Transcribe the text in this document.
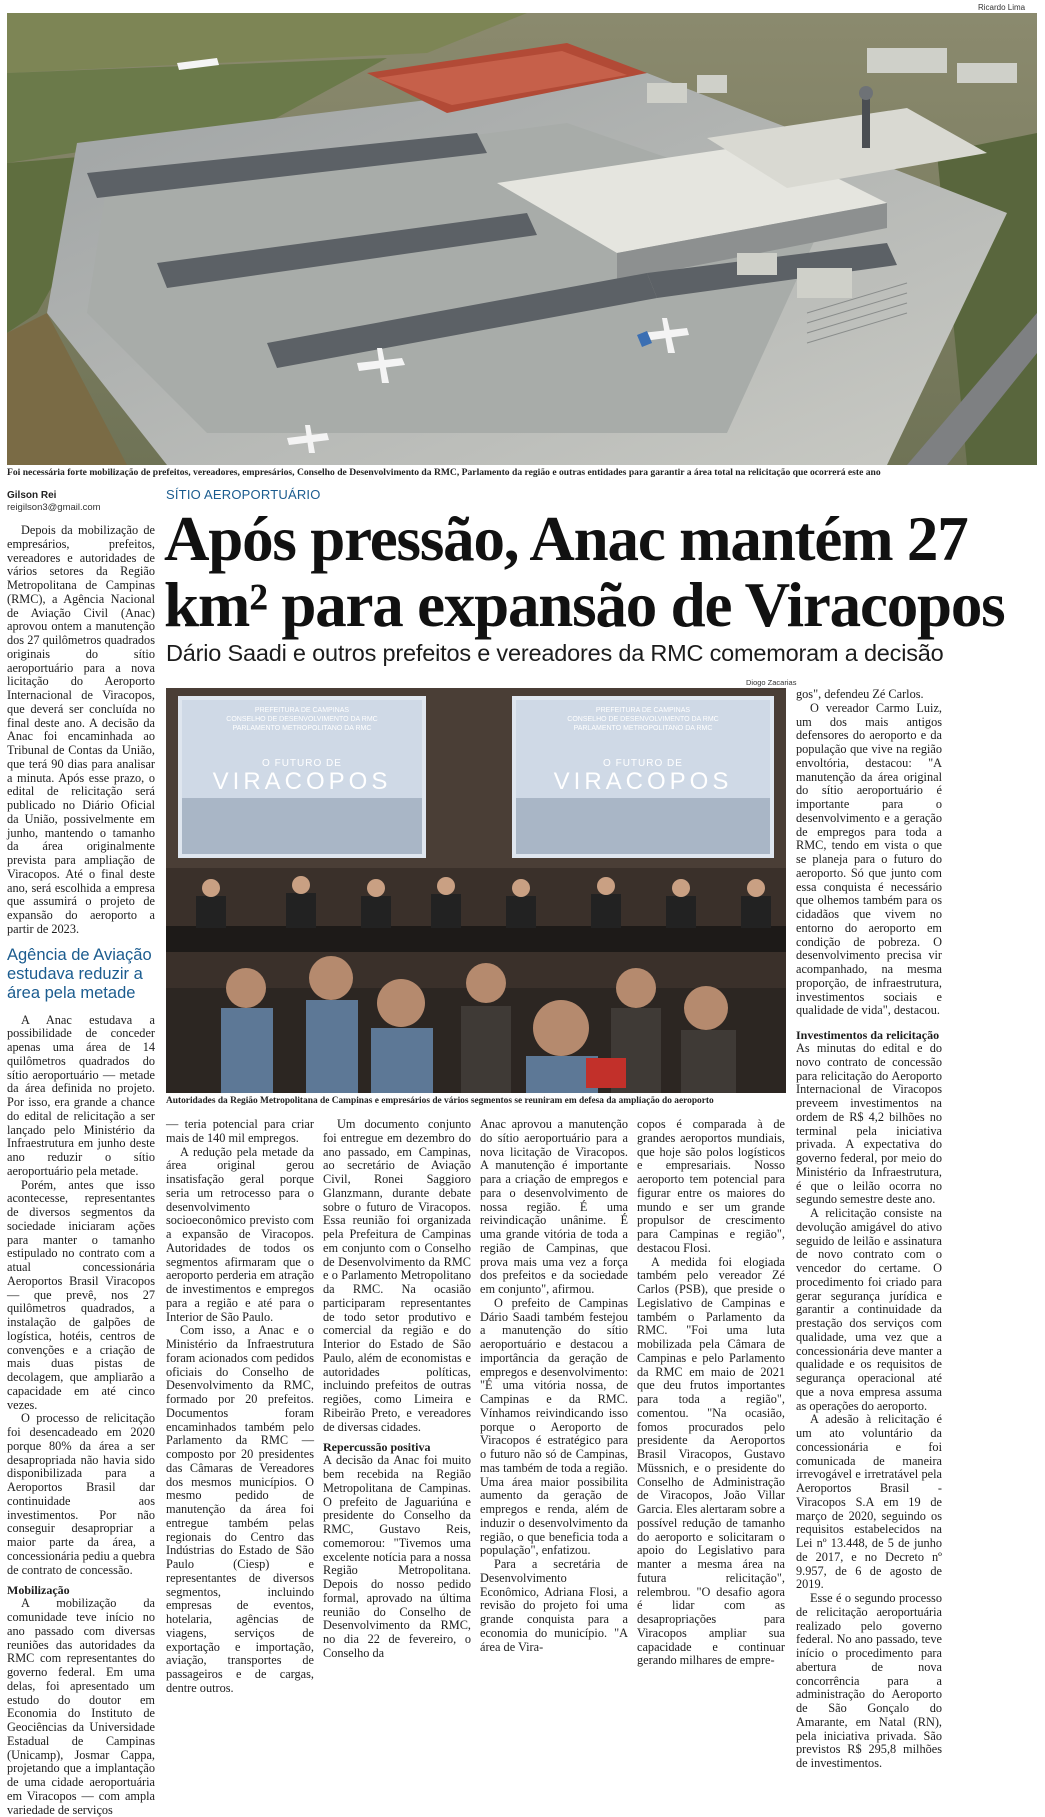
Ricardo Lima
Foi necessária forte mobilização de prefeitos, vereadores, empresários, Conselho de Desenvolvimento da RMC, Parlamento da região e outras entidades para garantir a área total na relicitação que ocorrerá este ano
Gilson Rei
reigilson3@gmail.com
SÍTIO AEROPORTUÁRIO
Após pressão, Anac mantém 27
km² para expansão de Viracopos
Dário Saadi e outros prefeitos e vereadores da RMC comemoram a decisão

Depois da mobilização de empresários, prefeitos, vereadores e autoridades de vários setores da Região Metropolitana de Campinas (RMC), a Agência Nacional de Aviação Civil (Anac) aprovou ontem a manutenção dos 27 quilômetros quadrados originais do sítio aeroportuário para a nova licitação do Aeroporto Internacional de Viracopos, que deverá ser concluída no final deste ano. A decisão da Anac foi encaminhada ao Tribunal de Contas da União, que terá 90 dias para analisar a minuta. Após esse prazo, o edital de relicitação será publicado no Diário Oficial da União, possivelmente em junho, mantendo o tamanho da área originalmente prevista para ampliação de Viracopos. Até o final deste ano, será escolhida a empresa que assumirá o projeto de expansão do aeroporto a partir de 2023.

Agência de Aviação estudava reduzir a área pela metade

A Anac estudava a possibilidade de conceder apenas uma área de 14 quilômetros quadrados do sítio aeroportuário — metade da área definida no projeto. Por isso, era grande a chance do edital de relicitação a ser lançado pelo Ministério da Infraestrutura em junho deste ano reduzir o sítio aeroportuário pela metade.

Porém, antes que isso acontecesse, representantes de diversos segmentos da sociedade iniciaram ações para manter o tamanho estipulado no contrato com a atual concessionária Aeroportos Brasil Viracopos — que prevê, nos 27 quilômetros quadrados, a instalação de galpões de logística, hotéis, centros de convenções e a criação de mais duas pistas de decolagem, que ampliarão a capacidade em até cinco vezes.

O processo de relicitação foi desencadeado em 2020 porque 80% da área a ser desapropriada não havia sido disponibilizada para a Aeroportos Brasil dar continuidade aos investimentos. Por não conseguir desapropriar a maior parte da área, a concessionária pediu a quebra de contrato de concessão.

Mobilização

A mobilização da comunidade teve início no ano passado com diversas reuniões das autoridades da RMC com representantes do governo federal. Em uma delas, foi apresentado um estudo do doutor em Economia do Instituto de Geociências da Universidade Estadual de Campinas (Unicamp), Josmar Cappa, projetando que a implantação de uma cidade aeroportuária em Viracopos — com ampla variedade de serviços

Diogo Zacarias
PREFEITURA DE CAMPINAS
CONSELHO DE DESENVOLVIMENTO DA RMC
PARLAMENTO METROPOLITANO DA RMC
O FUTURO DE
VIRACOPOS
PREFEITURA DE CAMPINAS
CONSELHO DE DESENVOLVIMENTO DA RMC
PARLAMENTO METROPOLITANO DA RMC
O FUTURO DE
VIRACOPOS
Autoridades da Região Metropolitana de Campinas e empresários de vários segmentos se reuniram em defesa da ampliação do aeroporto

gos", defendeu Zé Carlos.

O vereador Carmo Luiz, um dos mais antigos defensores do aeroporto e da população que vive na região envoltória, destacou: "A manutenção da área original do sítio aeroportuário é importante para o desenvolvimento e a geração de empregos para toda a RMC, tendo em vista o que se planeja para o futuro do aeroporto. Só que junto com essa conquista é necessário que olhemos também para os cidadãos que vivem no entorno do aeroporto em condição de pobreza. O desenvolvimento precisa vir acompanhado, na mesma proporção, de infraestrutura, investimentos sociais e qualidade de vida", destacou.

Investimentos da relicitação

As minutas do edital e do novo contrato de concessão para relicitação do Aeroporto Internacional de Viracopos preveem investimentos na ordem de R$ 4,2 bilhões no terminal pela iniciativa privada. A expectativa do governo federal, por meio do Ministério da Infraestrutura, é que o leilão ocorra no segundo semestre deste ano.

A relicitação consiste na devolução amigável do ativo seguido de leilão e assinatura de novo contrato com o vencedor do certame. O procedimento foi criado para gerar segurança jurídica e garantir a continuidade da prestação dos serviços com qualidade, uma vez que a concessionária deve manter a qualidade e os requisitos de segurança operacional até que a nova empresa assuma as operações do aeroporto.

A adesão à relicitação é um ato voluntário da concessionária e foi comunicada de maneira irrevogável e irretratável pela Aeroportos Brasil - Viracopos S.A em 19 de março de 2020, seguindo os requisitos estabelecidos na Lei nº 13.448, de 5 de junho de 2017, e no Decreto nº 9.957, de 6 de agosto de 2019.

Esse é o segundo processo de relicitação aeroportuária realizado pelo governo federal. No ano passado, teve início o procedimento para abertura de nova concorrência para a administração do Aeroporto de São Gonçalo do Amarante, em Natal (RN), pela iniciativa privada. São previstos R$ 295,8 milhões de investimentos.

— teria potencial para criar mais de 140 mil empregos.

A redução pela metade da área original gerou insatisfação geral porque seria um retrocesso para o desenvolvimento socioeconômico previsto com a expansão de Viracopos. Autoridades de todos os segmentos afirmaram que o aeroporto perderia em atração de investimentos e empregos para a região e até para o Interior de São Paulo.

Com isso, a Anac e o Ministério da Infraestrutura foram acionados com pedidos oficiais do Conselho de Desenvolvimento da RMC, formado por 20 prefeitos. Documentos foram encaminhados também pelo Parlamento da RMC — composto por 20 presidentes das Câmaras de Vereadores dos mesmos municípios. O mesmo pedido de manutenção da área foi entregue também pelas regionais do Centro das Indústrias do Estado de São Paulo (Ciesp) e representantes de diversos segmentos, incluindo empresas de eventos, hotelaria, agências de viagens, serviços de exportação e importação, aviação, transportes de passageiros e de cargas, dentre outros.

Um documento conjunto foi entregue em dezembro do ano passado, em Campinas, ao secretário de Aviação Civil, Ronei Saggioro Glanzmann, durante debate sobre o futuro de Viracopos. Essa reunião foi organizada pela Prefeitura de Campinas em conjunto com o Conselho de Desenvolvimento da RMC e o Parlamento Metropolitano da RMC. Na ocasião participaram representantes de todo setor produtivo e comercial da região e do Interior do Estado de São Paulo, além de economistas e autoridades políticas, incluindo prefeitos de outras regiões, como Limeira e Ribeirão Preto, e vereadores de diversas cidades.

Repercussão positiva

A decisão da Anac foi muito bem recebida na Região Metropolitana de Campinas. O prefeito de Jaguariúna e presidente do Conselho da RMC, Gustavo Reis, comemorou: "Tivemos uma excelente notícia para a nossa Região Metropolitana. Depois do nosso pedido formal, aprovado na última reunião do Conselho de Desenvolvimento da RMC, no dia 22 de fevereiro, o Conselho da

Anac aprovou a manutenção do sítio aeroportuário para a nova licitação de Viracopos. A manutenção é importante para a criação de empregos e para o desenvolvimento de nossa região. É uma reivindicação unânime. É uma grande vitória de toda a região de Campinas, que prova mais uma vez a força dos prefeitos e da sociedade em conjunto", afirmou.

O prefeito de Campinas Dário Saadi também festejou a manutenção do sítio aeroportuário e destacou a importância da geração de empregos e desenvolvimento: "É uma vitória nossa, de Campinas e da RMC. Vínhamos reivindicando isso porque o Aeroporto de Viracopos é estratégico para o futuro não só de Campinas, mas também de toda a região. Uma área maior possibilita aumento da geração de empregos e renda, além de induzir o desenvolvimento da região, o que beneficia toda a população", enfatizou.

Para a secretária de Desenvolvimento Econômico, Adriana Flosi, a revisão do projeto foi uma grande conquista para a economia do município. "A área de Vira-

copos é comparada à de grandes aeroportos mundiais, que hoje são polos logísticos e empresariais. Nosso aeroporto tem potencial para figurar entre os maiores do mundo e ser um grande propulsor de crescimento para Campinas e região", destacou Flosi.

A medida foi elogiada também pelo vereador Zé Carlos (PSB), que preside o Legislativo de Campinas e também o Parlamento da RMC. "Foi uma luta mobilizada pela Câmara de Campinas e pelo Parlamento da RMC em maio de 2021 que deu frutos importantes para toda a região", comentou. "Na ocasião, fomos procurados pelo presidente da Aeroportos Brasil Viracopos, Gustavo Müssnich, e o presidente do Conselho de Administração de Viracopos, João Villar Garcia. Eles alertaram sobre a possível redução de tamanho do aeroporto e solicitaram o apoio do Legislativo para manter a mesma área na futura relicitação", relembrou. "O desafio agora é lidar com as desapropriações para Viracopos ampliar sua capacidade e continuar gerando milhares de empre-
